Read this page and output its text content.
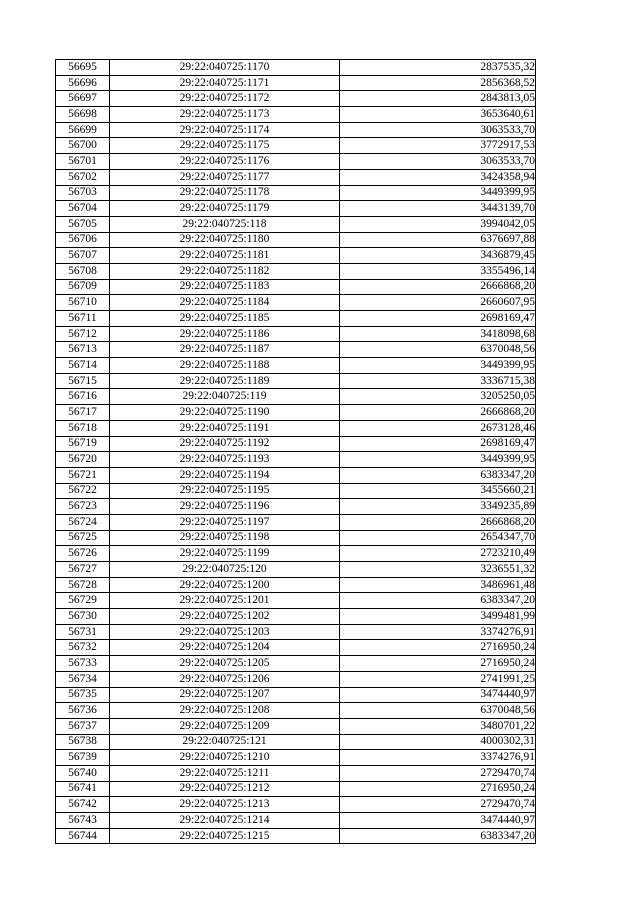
56695	29:22:040725:1170	2837535,32
56696	29:22:040725:1171	2856368,52
56697	29:22:040725:1172	2843813,05
56698	29:22:040725:1173	3653640,61
56699	29:22:040725:1174	3063533,70
56700	29:22:040725:1175	3772917,53
56701	29:22:040725:1176	3063533,70
56702	29:22:040725:1177	3424358,94
56703	29:22:040725:1178	3449399,95
56704	29:22:040725:1179	3443139,70
56705	29:22:040725:118	3994042,05
56706	29:22:040725:1180	6376697,88
56707	29:22:040725:1181	3436879,45
56708	29:22:040725:1182	3355496,14
56709	29:22:040725:1183	2666868,20
56710	29:22:040725:1184	2660607,95
56711	29:22:040725:1185	2698169,47
56712	29:22:040725:1186	3418098,68
56713	29:22:040725:1187	6370048,56
56714	29:22:040725:1188	3449399,95
56715	29:22:040725:1189	3336715,38
56716	29:22:040725:119	3205250,05
56717	29:22:040725:1190	2666868,20
56718	29:22:040725:1191	2673128,46
56719	29:22:040725:1192	2698169,47
56720	29:22:040725:1193	3449399,95
56721	29:22:040725:1194	6383347,20
56722	29:22:040725:1195	3455660,21
56723	29:22:040725:1196	3349235,89
56724	29:22:040725:1197	2666868,20
56725	29:22:040725:1198	2654347,70
56726	29:22:040725:1199	2723210,49
56727	29:22:040725:120	3236551,32
56728	29:22:040725:1200	3486961,48
56729	29:22:040725:1201	6383347,20
56730	29:22:040725:1202	3499481,99
56731	29:22:040725:1203	3374276,91
56732	29:22:040725:1204	2716950,24
56733	29:22:040725:1205	2716950,24
56734	29:22:040725:1206	2741991,25
56735	29:22:040725:1207	3474440,97
56736	29:22:040725:1208	6370048,56
56737	29:22:040725:1209	3480701,22
56738	29:22:040725:121	4000302,31
56739	29:22:040725:1210	3374276,91
56740	29:22:040725:1211	2729470,74
56741	29:22:040725:1212	2716950,24
56742	29:22:040725:1213	2729470,74
56743	29:22:040725:1214	3474440,97
56744	29:22:040725:1215	6383347,20
